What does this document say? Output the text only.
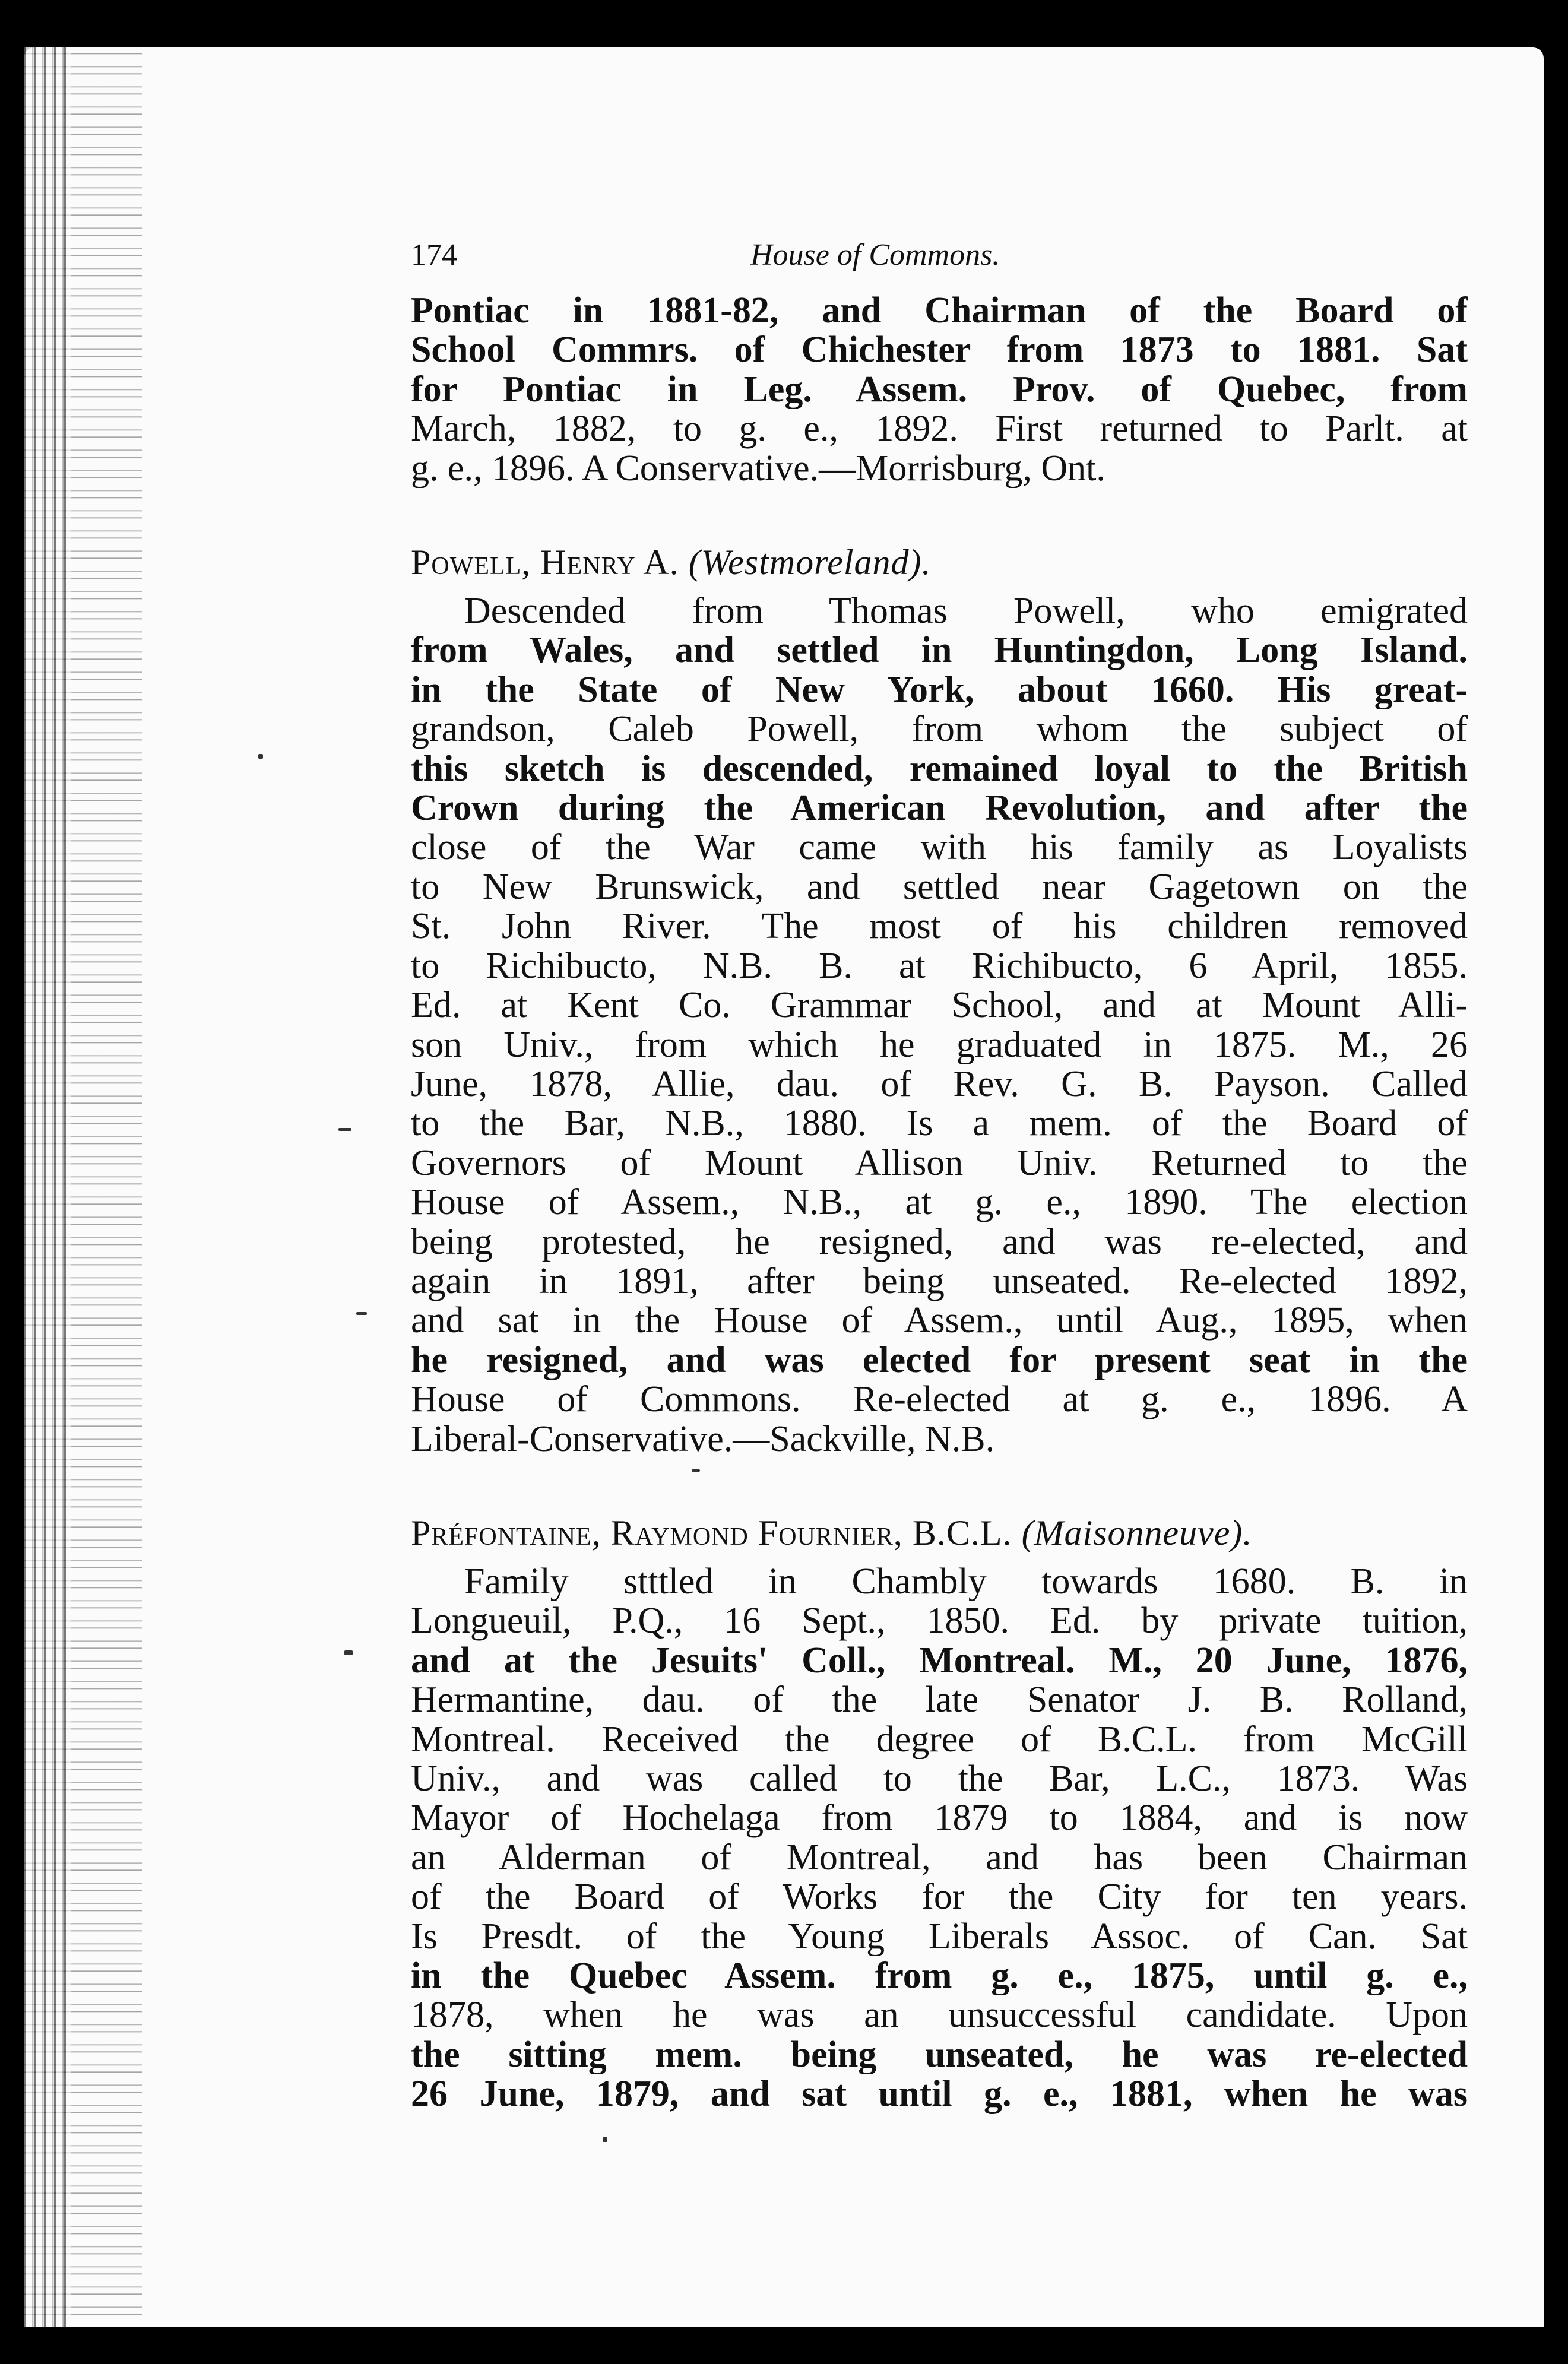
174	House of Commons.
Pontiac in 1881-82, and Chairman of the Board of
School Commrs. of Chichester from 1873 to 1881. Sat
for Pontiac in Leg. Assem. Prov. of Quebec, from
March, 1882, to g. e., 1892. First returned to Parlt. at
g. e., 1896. A Conservative.—Morrisburg, Ont.
Powell, Henry A. (Westmoreland).
Descended from Thomas Powell, who emigrated
from Wales, and settled in Huntingdon, Long Island.
in the State of New York, about 1660. His great-
grandson, Caleb Powell, from whom the subject of
this sketch is descended, remained loyal to the British
Crown during the American Revolution, and after the
close of the War came with his family as Loyalists
to New Brunswick, and settled near Gagetown on the
St. John River. The most of his children removed
to Richibucto, N.B. B. at Richibucto, 6 April, 1855.
Ed. at Kent Co. Grammar School, and at Mount Alli-
son Univ., from which he graduated in 1875. M., 26
June, 1878, Allie, dau. of Rev. G. B. Payson. Called
to the Bar, N.B., 1880. Is a mem. of the Board of
Governors of Mount Allison Univ. Returned to the
House of Assem., N.B., at g. e., 1890. The election
being protested, he resigned, and was re-elected, and
again in 1891, after being unseated. Re-elected 1892,
and sat in the House of Assem., until Aug., 1895, when
he resigned, and was elected for present seat in the
House of Commons. Re-elected at g. e., 1896. A
Liberal-Conservative.—Sackville, N.B.
Préfontaine, Raymond Fournier, B.C.L. (Maisonneuve).
Family stttled in Chambly towards 1680. B. in
Longueuil, P.Q., 16 Sept., 1850. Ed. by private tuition,
and at the Jesuits' Coll., Montreal. M., 20 June, 1876,
Hermantine, dau. of the late Senator J. B. Rolland,
Montreal. Received the degree of B.C.L. from McGill
Univ., and was called to the Bar, L.C., 1873. Was
Mayor of Hochelaga from 1879 to 1884, and is now
an Alderman of Montreal, and has been Chairman
of the Board of Works for the City for ten years.
Is Presdt. of the Young Liberals Assoc. of Can. Sat
in the Quebec Assem. from g. e., 1875, until g. e.,
1878, when he was an unsuccessful candidate. Upon
the sitting mem. being unseated, he was re-elected
26 June, 1879, and sat until g. e., 1881, when he was
